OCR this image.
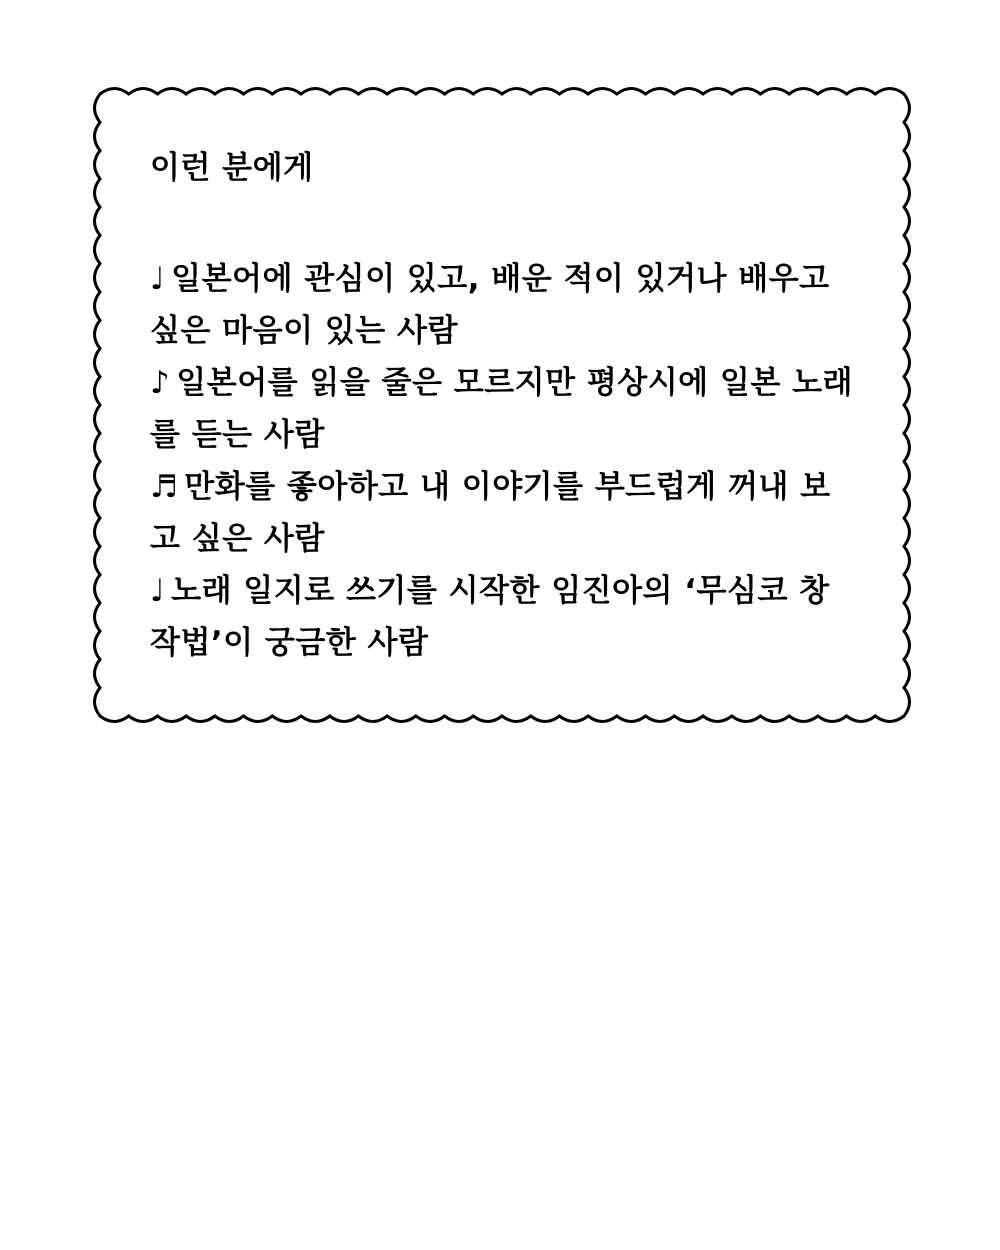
이런 분에게
♩ 일본어에 관심이 있고, 배운 적이 있거나 배우고 싶은 마음이 있는 사람
♪ 일본어를 읽을 줄은 모르지만 평상시에 일본 노래를 듣는 사람
♬ 만화를 좋아하고 내 이야기를 부드럽게 꺼내 보고 싶은 사람
♩ 노래 일지로 쓰기를 시작한 임진아의 ‘무심코 창작법’이 궁금한 사람
